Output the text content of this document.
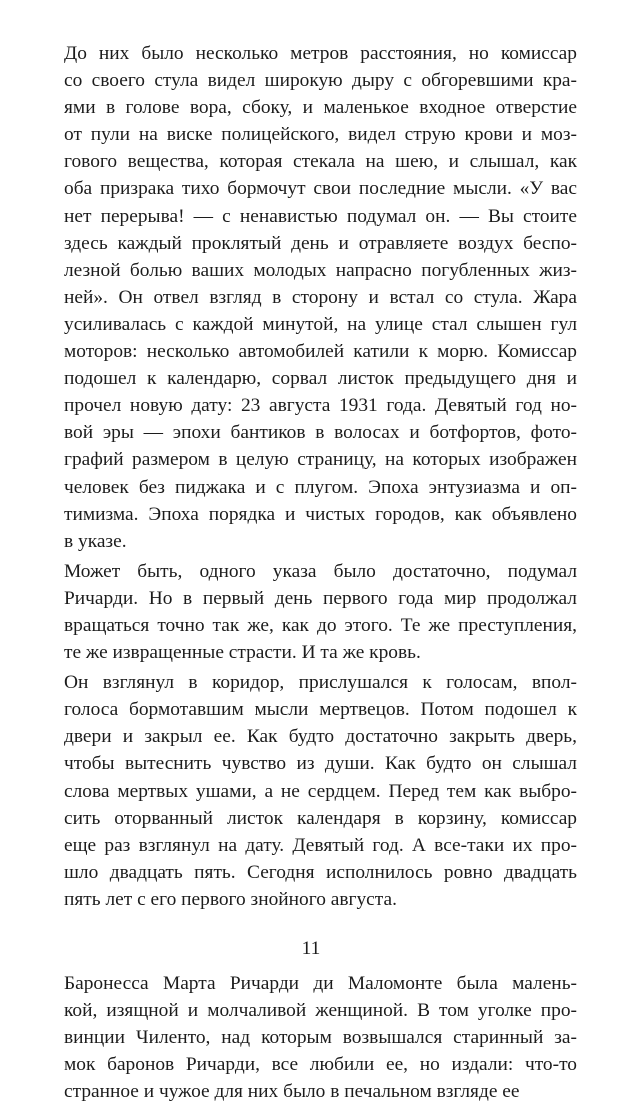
До них было несколько метров расстояния, но комиссар
со своего стула видел широкую дыру с обгоревшими кра-
ями в голове вора, сбоку, и маленькое входное отверстие
от пули на виске полицейского, видел струю крови и моз-
гового вещества, которая стекала на шею, и слышал, как
оба призрака тихо бормочут свои последние мысли. «У вас
нет перерыва! — с ненавистью подумал он. — Вы стоите
здесь каждый проклятый день и отравляете воздух беспо-
лезной болью ваших молодых напрасно погубленных жиз-
ней». Он отвел взгляд в сторону и встал со стула. Жара
усиливалась с каждой минутой, на улице стал слышен гул
моторов: несколько автомобилей катили к морю. Комиссар
подошел к календарю, сорвал листок предыдущего дня и
прочел новую дату: 23 августа 1931 года. Девятый год но-
вой эры — эпохи бантиков в волосах и ботфортов, фото-
графий размером в целую страницу, на которых изображен
человек без пиджака и с плугом. Эпоха энтузиазма и оп-
тимизма. Эпоха порядка и чистых городов, как объявлено
в указе.
Может быть, одного указа было достаточно, подумал
Ричарди. Но в первый день первого года мир продолжал
вращаться точно так же, как до этого. Те же преступления,
те же извращенные страсти. И та же кровь.
Он взглянул в коридор, прислушался к голосам, впол-
голоса бормотавшим мысли мертвецов. Потом подошел к
двери и закрыл ее. Как будто достаточно закрыть дверь,
чтобы вытеснить чувство из души. Как будто он слышал
слова мертвых ушами, а не сердцем. Перед тем как выбро-
сить оторванный листок календаря в корзину, комиссар
еще раз взглянул на дату. Девятый год. А все-таки их про-
шло двадцать пять. Сегодня исполнилось ровно двадцать
пять лет с его первого знойного августа.
Баронесса Марта Ричарди ди Маломонте была малень-
кой, изящной и молчаливой женщиной. В том уголке про-
винции Чиленто, над которым возвышался старинный за-
мок баронов Ричарди, все любили ее, но издали: что-то
странное и чужое для них было в печальном взгляде ее
11
